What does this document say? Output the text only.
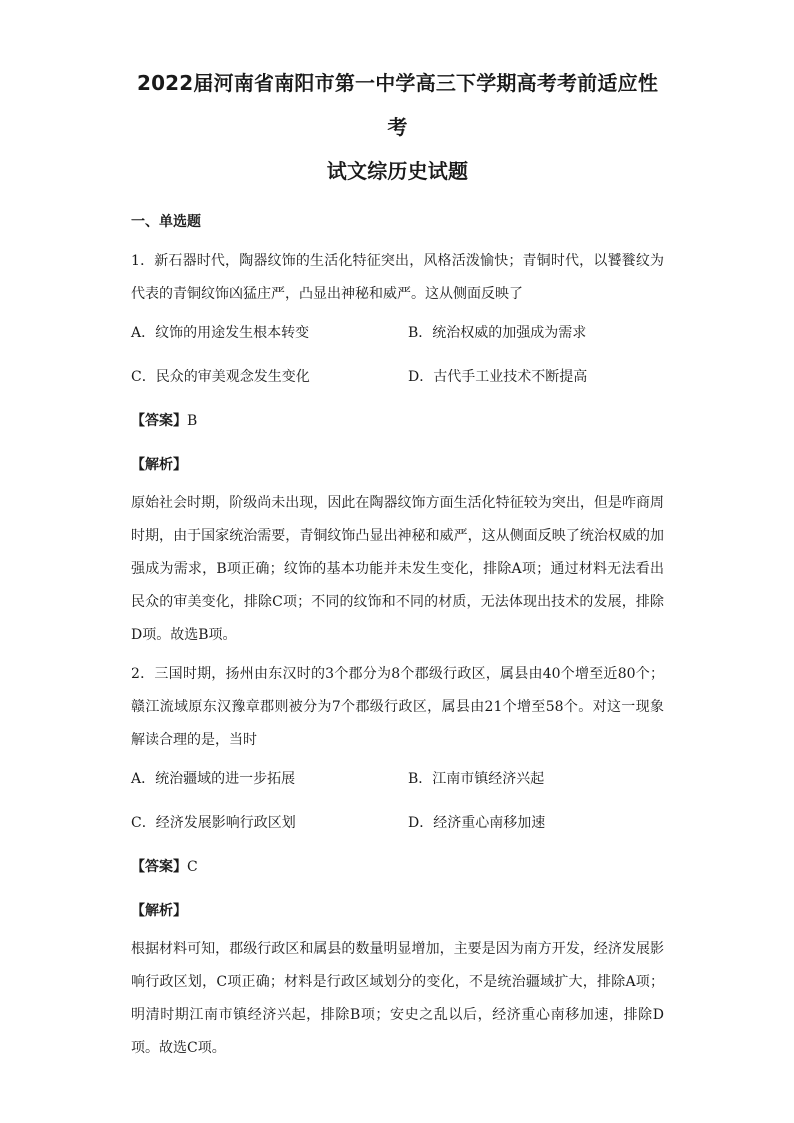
2022届河南省南阳市第一中学高三下学期高考考前适应性考
试文综历史试题
一、单选题

1．新石器时代，陶器纹饰的生活化特征突出，风格活泼愉快；青铜时代，以饕餮纹为代表的青铜纹饰凶猛庄严，凸显出神秘和威严。这从侧面反映了

A．纹饰的用途发生根本转变	B．统治权威的加强成为需求
C．民众的审美观念发生变化	D．古代手工业技术不断提高
【答案】B
【解析】

原始社会时期，阶级尚未出现，因此在陶器纹饰方面生活化特征较为突出，但是咋商周时期，由于国家统治需要，青铜纹饰凸显出神秘和威严，这从侧面反映了统治权威的加强成为需求，B项正确；纹饰的基本功能并未发生变化，排除A项；通过材料无法看出民众的审美变化，排除C项；不同的纹饰和不同的材质，无法体现出技术的发展，排除D项。故选B项。

2．三国时期，扬州由东汉时的3个郡分为8个郡级行政区，属县由40个增至近80个；赣江流域原东汉豫章郡则被分为7个郡级行政区，属县由21个增至58个。对这一现象解读合理的是，当时

A．统治疆域的进一步拓展	B．江南市镇经济兴起
C．经济发展影响行政区划	D．经济重心南移加速
【答案】C
【解析】

根据材料可知，郡级行政区和属县的数量明显增加，主要是因为南方开发，经济发展影响行政区划，C项正确；材料是行政区域划分的变化，不是统治疆域扩大，排除A项；明清时期江南市镇经济兴起，排除B项；安史之乱以后，经济重心南移加速，排除D项。故选C项。
